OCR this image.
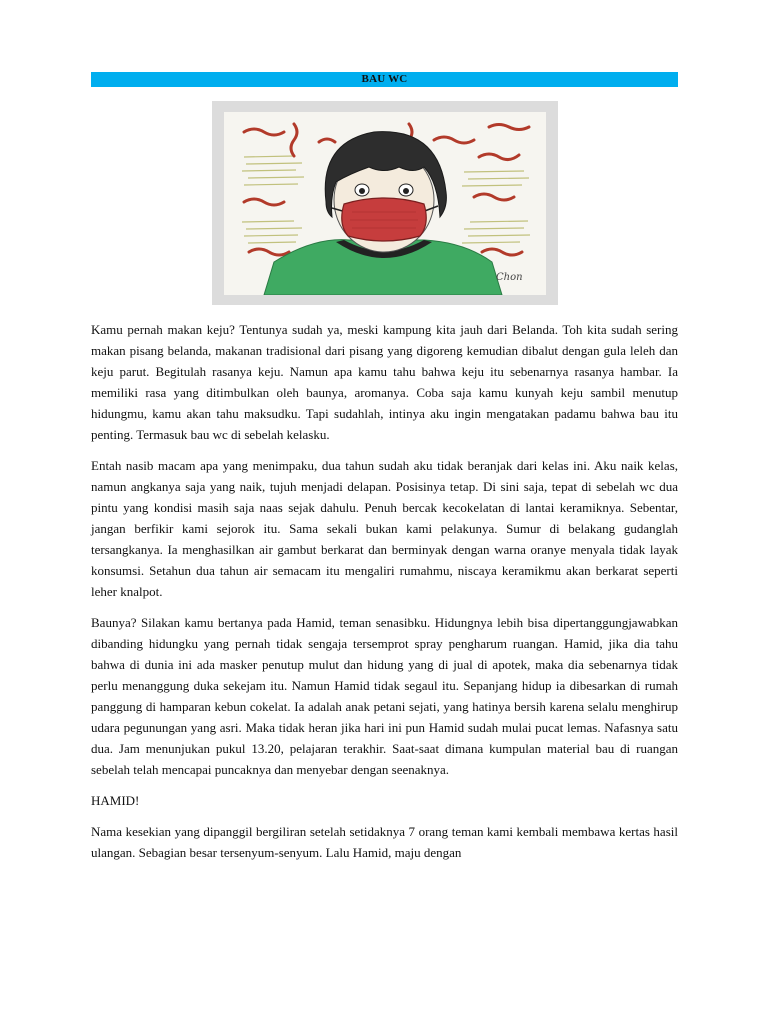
BAU WC
Chon

Kamu pernah makan keju? Tentunya sudah ya, meski kampung kita jauh dari Belanda. Toh kita sudah sering makan pisang belanda, makanan tradisional dari pisang yang digoreng kemudian dibalut dengan gula leleh dan keju parut. Begitulah rasanya keju. Namun apa kamu tahu bahwa keju itu sebenarnya rasanya hambar. Ia memiliki rasa yang ditimbulkan oleh baunya, aromanya. Coba saja kamu kunyah keju sambil menutup hidungmu, kamu akan tahu maksudku. Tapi sudahlah, intinya aku ingin mengatakan padamu bahwa bau itu penting. Termasuk bau wc di sebelah kelasku.

Entah nasib macam apa yang menimpaku, dua tahun sudah aku tidak beranjak dari kelas ini. Aku naik kelas, namun angkanya saja yang naik, tujuh menjadi delapan. Posisinya tetap. Di sini saja, tepat di sebelah wc dua pintu yang kondisi masih saja naas sejak dahulu. Penuh bercak kecokelatan di lantai keramiknya. Sebentar, jangan berfikir kami sejorok itu. Sama sekali bukan kami pelakunya. Sumur di belakang gudanglah tersangkanya. Ia menghasilkan air gambut berkarat dan berminyak dengan warna oranye menyala tidak layak konsumsi. Setahun dua tahun air semacam itu mengaliri rumahmu, niscaya keramikmu akan berkarat seperti leher knalpot.

Baunya? Silakan kamu bertanya pada Hamid, teman senasibku. Hidungnya lebih bisa dipertanggungjawabkan dibanding hidungku yang pernah tidak sengaja tersemprot spray pengharum ruangan. Hamid, jika dia tahu bahwa di dunia ini ada masker penutup mulut dan hidung yang di jual di apotek, maka dia sebenarnya tidak perlu menanggung duka sekejam itu. Namun Hamid tidak segaul itu. Sepanjang hidup ia dibesarkan di rumah panggung di hamparan kebun cokelat. Ia adalah anak petani sejati, yang hatinya bersih karena selalu menghirup udara pegunungan yang asri. Maka tidak heran jika hari ini pun Hamid sudah mulai pucat lemas. Nafasnya satu dua. Jam menunjukan pukul 13.20, pelajaran terakhir. Saat-saat dimana kumpulan material bau di ruangan sebelah telah mencapai puncaknya dan menyebar dengan seenaknya.

HAMID!

Nama kesekian yang dipanggil bergiliran setelah setidaknya 7 orang teman kami kembali membawa kertas hasil ulangan. Sebagian besar tersenyum-senyum. Lalu Hamid, maju dengan
